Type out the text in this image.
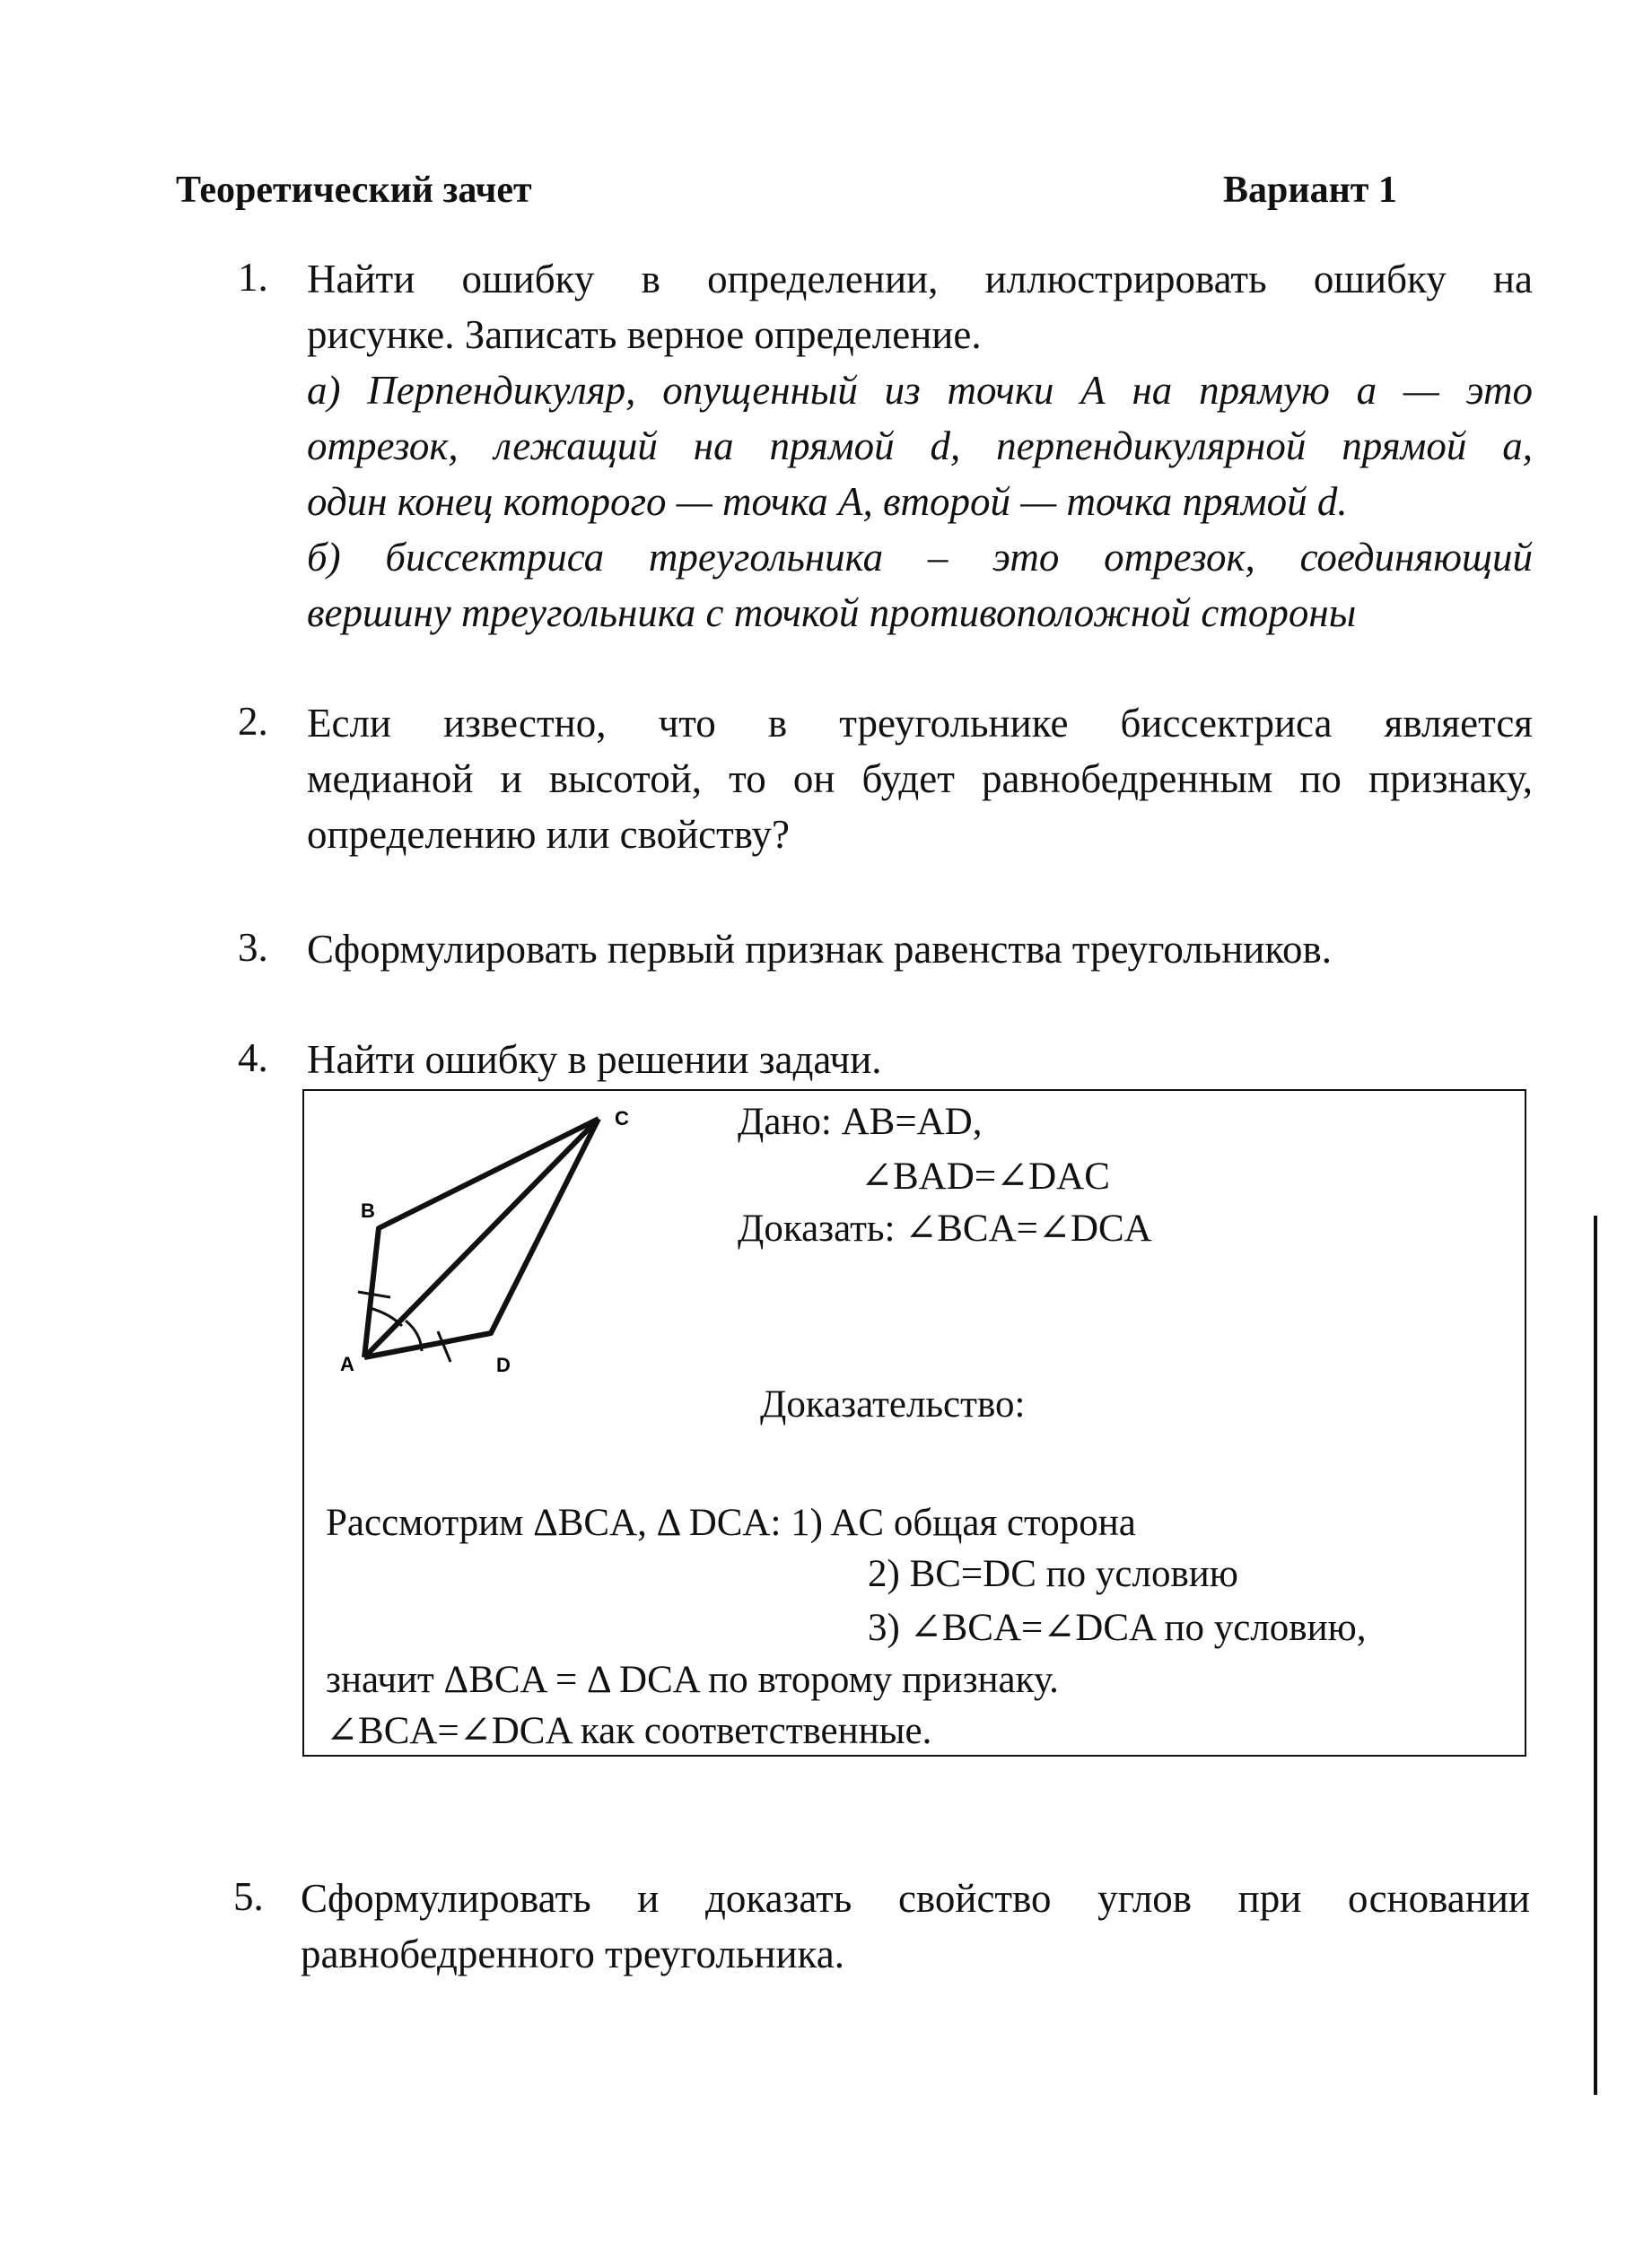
Теоретический зачет	Вариант 1
1. Найти ошибку в определении, иллюстрировать ошибку на
рисунке. Записать верное определение.
а) Перпендикуляр, опущенный из точки А на прямую а — это
отрезок, лежащий на прямой d, перпендикулярной прямой а,
один конец которого — точка А, второй — точка прямой d.
б) биссектриса треугольника – это отрезок, соединяющий
вершину треугольника с точкой противоположной стороны
2. Если известно, что в треугольнике биссектриса является
медианой и высотой, то он будет равнобедренным по признаку,
определению или свойству?
3. Сформулировать первый признак равенства треугольников.
4. Найти ошибку в решении задачи.
A
B
C
D
Дано: AB=AD,
∠BAD=∠DAC
Доказать: ∠BCA=∠DCA
Доказательство:
Рассмотрим ΔBCA, Δ DCA: 1) AC общая сторона
2) BC=DC по условию
3) ∠BCA=∠DCA по условию,
значит ΔBCA = Δ DCA по второму признаку.
∠BCA=∠DCA как соответственные.
5. Сформулировать и доказать свойство углов при основании
равнобедренного треугольника.
